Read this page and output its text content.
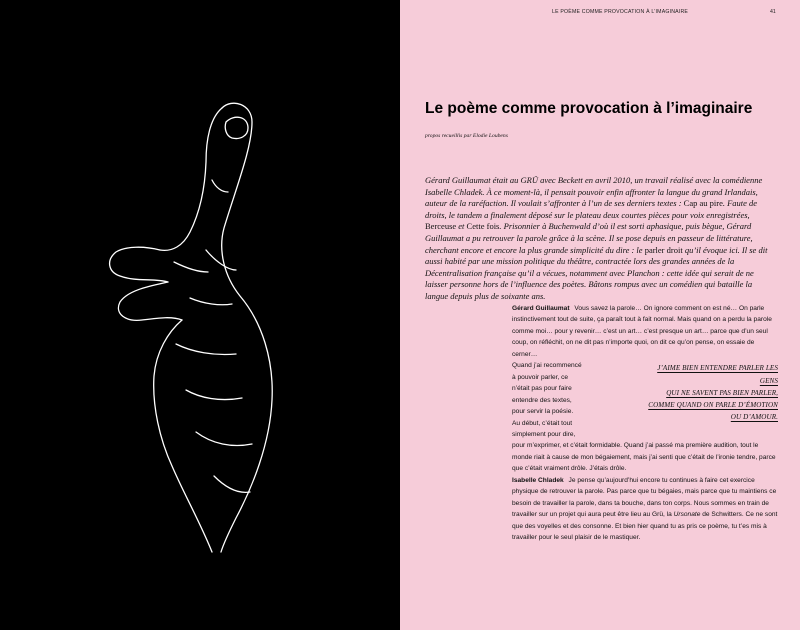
LE POÈME COMME PROVOCATION À L’IMAGINAIRE	41
Le poème comme provocation à l’imaginaire
propos recueillis par Elodie Loubens

Gérard Guillaumat était au GRÜ avec Beckett en avril 2010, un travail réalisé avec la comédienne Isabelle Chladek. À ce moment-là, il pensait pouvoir enfin affronter la langue du grand Irlandais, auteur de la raréfaction. Il voulait s’affronter à l’un de ses derniers textes : Cap au pire. Faute de droits, le tandem a finalement déposé sur le plateau deux courtes pièces pour voix enregistrées, Berceuse et Cette fois. Prisonnier à Buchenwald d’où il est sorti aphasique, puis bègue, Gérard Guillaumat a pu retrouver la parole grâce à la scène. Il se pose depuis en passeur de littérature, cherchant encore et encore la plus grande simplicité du dire : le parler droit qu’il évoque ici. Il se dit aussi habité par une mission politique du théâtre, contractée lors des grandes années de la Décentralisation française qu’il a vécues, notamment avec Planchon : cette idée qui serait de ne laisser personne hors de l’influence des poètes. Bâtons rompus avec un comédien qui bataille la langue depuis plus de soixante ans.

Gérard Guillaumat Vous savez la parole… On ignore comment on est né… On parle instinctivement tout de suite, ça paraît tout à fait normal. Mais quand on a perdu la parole comme moi… pour y revenir… c’est un art… c’est presque un art… parce que d’un seul coup, on réfléchit, on ne dit pas n’importe quoi, on dit ce qu’on pense, on essaie de cerner…

J’AIME BIEN ENTENDRE PARLER LES GENS
QUI NE SAVENT PAS BIEN PARLER,
COMME QUAND ON PARLE D’ÉMOTION
OU D’AMOUR.
Quand j’ai recommencé
à pouvoir parler, ce
n’était pas pour faire
entendre des textes,
pour servir la poésie.
Au début, c’était tout
simplement pour dire,

pour m’exprimer, et c’était formidable. Quand j’ai passé ma première audition, tout le monde riait à cause de mon bégaiement, mais j’ai senti que c’était de l’ironie tendre, parce que c’était vraiment drôle. J’étais drôle.

Isabelle Chladek Je pense qu’aujourd’hui encore tu continues à faire cet exercice physique de retrouver la parole. Pas parce que tu bégaies, mais parce que tu maintiens ce besoin de travailler la parole, dans ta bouche, dans ton corps. Nous sommes en train de travailler sur un projet qui aura peut être lieu au Grü, la Ursonate de Schwitters. Ce ne sont que des voyelles et des consonne. Et bien hier quand tu as pris ce poème, tu t’es mis à travailler pour le seul plaisir de le mastiquer.
